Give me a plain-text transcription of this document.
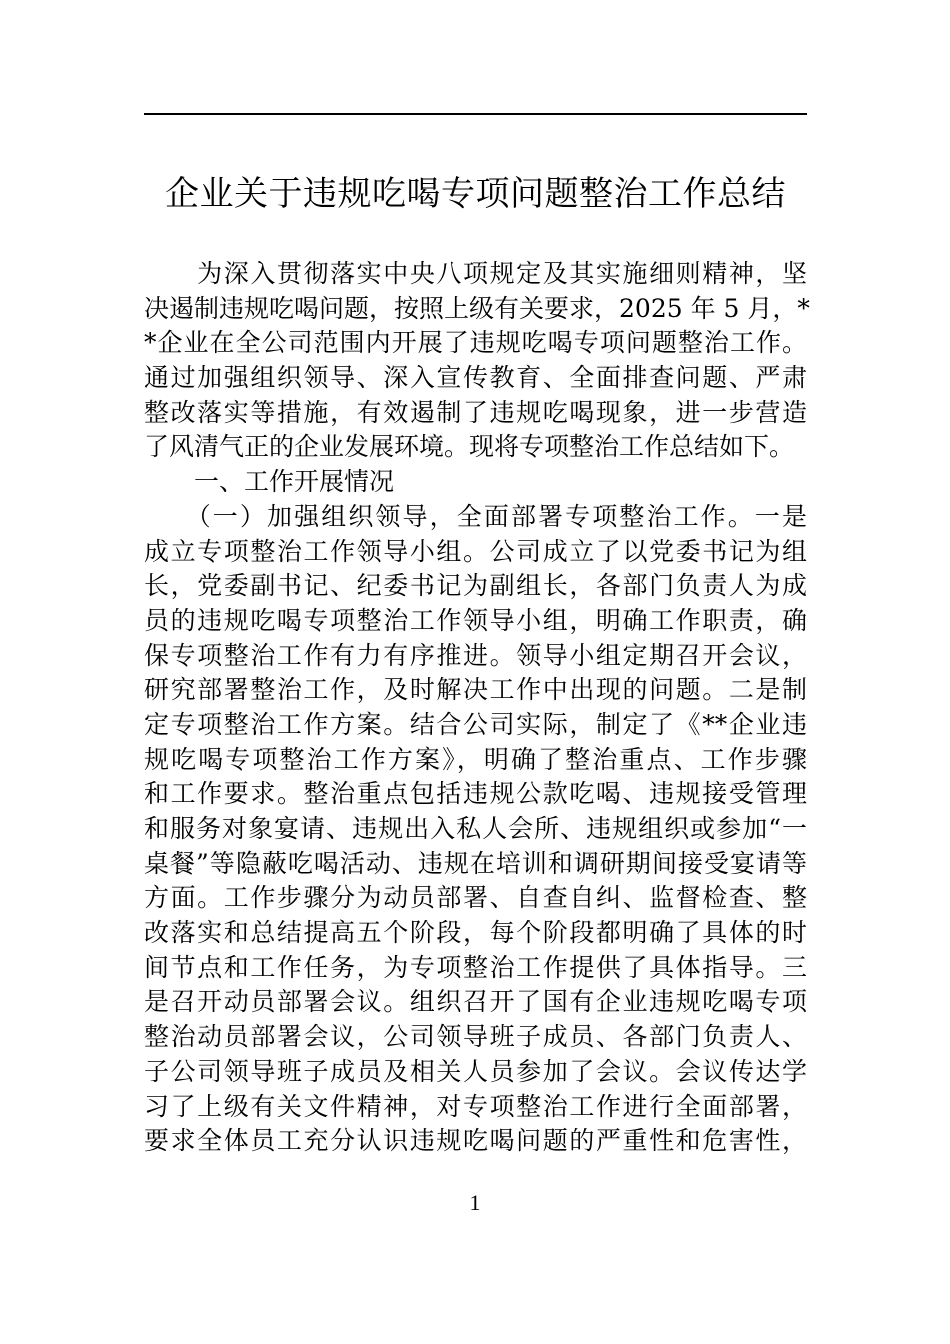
企业关于违规吃喝专项问题整治工作总结
　　为深入贯彻落实中央八项规定及其实施细则精神，坚
决遏制违规吃喝问题，按照上级有关要求，2025 年 5 月，*
*企业在全公司范围内开展了违规吃喝专项问题整治工作。
通过加强组织领导、深入宣传教育、全面排查问题、严肃
整改落实等措施，有效遏制了违规吃喝现象，进一步营造
了风清气正的企业发展环境。现将专项整治工作总结如下。
　　一、工作开展情况
　　（一）加强组织领导，全面部署专项整治工作。一是
成立专项整治工作领导小组。公司成立了以党委书记为组
长，党委副书记、纪委书记为副组长，各部门负责人为成
员的违规吃喝专项整治工作领导小组，明确工作职责，确
保专项整治工作有力有序推进。领导小组定期召开会议，
研究部署整治工作，及时解决工作中出现的问题。二是制
定专项整治工作方案。结合公司实际，制定了《**企业违
规吃喝专项整治工作方案》，明确了整治重点、工作步骤
和工作要求。整治重点包括违规公款吃喝、违规接受管理
和服务对象宴请、违规出入私人会所、违规组织或参加“一
桌餐”等隐蔽吃喝活动、违规在培训和调研期间接受宴请等
方面。工作步骤分为动员部署、自查自纠、监督检查、整
改落实和总结提高五个阶段，每个阶段都明确了具体的时
间节点和工作任务，为专项整治工作提供了具体指导。三
是召开动员部署会议。组织召开了国有企业违规吃喝专项
整治动员部署会议，公司领导班子成员、各部门负责人、
子公司领导班子成员及相关人员参加了会议。会议传达学
习了上级有关文件精神，对专项整治工作进行全面部署，
要求全体员工充分认识违规吃喝问题的严重性和危害性，
1
